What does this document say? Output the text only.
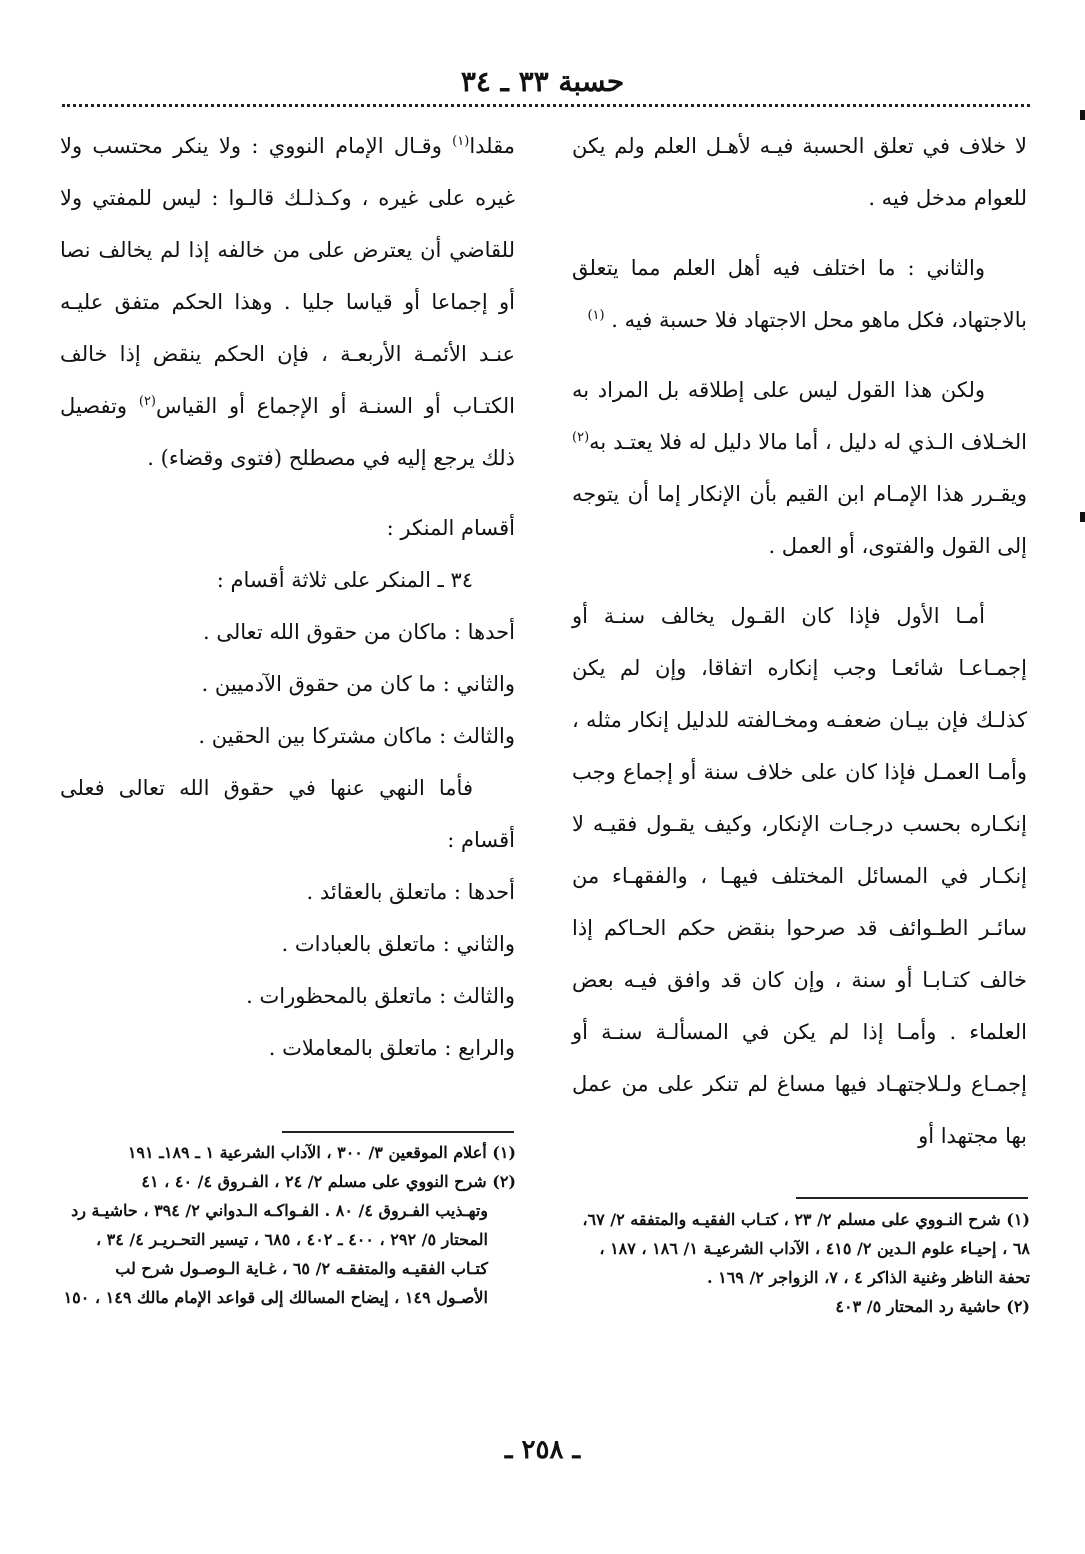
حسبة ٣٣ ـ ٣٤

لا خلاف في تعلق الحسبة فيـه لأهـل العلم ولم يكن للعوام مدخل فيه .

والثاني : ما اختلف فيه أهل العلم مما يتعلق بالاجتهاد، فكل ماهو محل الاجتهاد فلا حسبة فيه . $^{(١)}$

ولكن هذا القول ليس على إطلاقه بل المراد به الخـلاف الـذي له دليل ، أما مالا دليل له فلا يعتـد به$^{(٢)}$ ويقـرر هذا الإمـام ابن القيم بأن الإنكار إما أن يتوجه إلى القول والفتوى، أو العمل .

أمـا الأول فإذا كان القـول يخالف سنـة أو إجمـاعـا شائعـا وجب إنكاره اتفاقا، وإن لم يكن كذلـك فإن بيـان ضعفـه ومخـالفته للدليل إنكار مثله ، وأمـا العمـل فإذا كان على خلاف سنة أو إجماع وجب إنكـاره بحسب درجـات الإنكار، وكيف يقـول فقيـه لا إنكـار في المسائل المختلف فيهـا ، والفقهـاء من سائـر الطـوائف قد صرحوا بنقض حكم الحـاكم إذا خالف كتـابـا أو سنة ، وإن كان قد وافق فيـه بعض العلماء . وأمـا إذا لم يكن في المسألـة سنـة أو إجمـاع ولـلاجتهـاد فيها مساغ لم تنكر على من عمل بها مجتهدا أو

مقلدا$^{(١)}$ وقـال الإمام النووي : ولا ينكر محتسب ولا غيره على غيره ، وكـذلـك قالـوا : ليس للمفتي ولا للقاضي أن يعترض على من خالفه إذا لم يخالف نصا أو إجماعا أو قياسا جليا . وهذا الحكم متفق عليـه عنـد الأئمـة الأربعـة ، فإن الحكم ينقض إذا خالف الكتـاب أو السنـة أو الإجماع أو القياس$^{(٢)}$ وتفصيل ذلك يرجع إليه في مصطلح (فتوى وقضاء) .

أقسام المنكر :

٣٤ ـ المنكر على ثلاثة أقسام :

أحدها : ماكان من حقوق الله تعالى .

والثاني : ما كان من حقوق الآدميين .

والثالث : ماكان مشتركا بين الحقين .

فأما النهي عنها في حقوق الله تعالى فعلى أقسام :

أحدها : ماتعلق بالعقائد .

والثاني : ماتعلق بالعبادات .

والثالث : ماتعلق بالمحظورات .

والرابع : ماتعلق بالمعاملات .

(١) شرح النـووي على مسلم ٢/ ٢٣ ، كتـاب الفقيـه والمتفقه ٢/ ٦٧، ٦٨ ، إحيـاء علوم الـدين ٢/ ٤١٥ ، الآداب الشرعيـة ١/ ١٨٦ ، ١٨٧ ، تحفة الناظر وغنية الذاكر ٤ ، ٧، الزواجر ٢/ ١٦٩ .

(٢) حاشية رد المحتار ٥/ ٤٠٣

(١) أعلام الموقعين ٣/ ٣٠٠ ، الآداب الشرعية ١ ـ ١٨٩ـ ١٩١

(٢) شرح النووي على مسلم ٢/ ٢٤ ، الفـروق ٤/ ٤٠ ، ٤١

وتهـذيب الفـروق ٤/ ٨٠ . الفـواكـه الـدواني ٢/ ٣٩٤ ، حاشيـة رد المحتار ٥/ ٢٩٢ ، ٤٠٠ ـ ٤٠٢ ، ٦٨٥ ، تيسير التحـريـر ٤/ ٣٤ ، كتـاب الفقيـه والمتفقـه ٢/ ٦٥ ، غـاية الـوصـول شرح لب الأصـول ١٤٩ ، إيضاح المسالك إلى قواعد الإمام مالك ١٤٩ ، ١٥٠

ـ ٢٥٨ ـ
